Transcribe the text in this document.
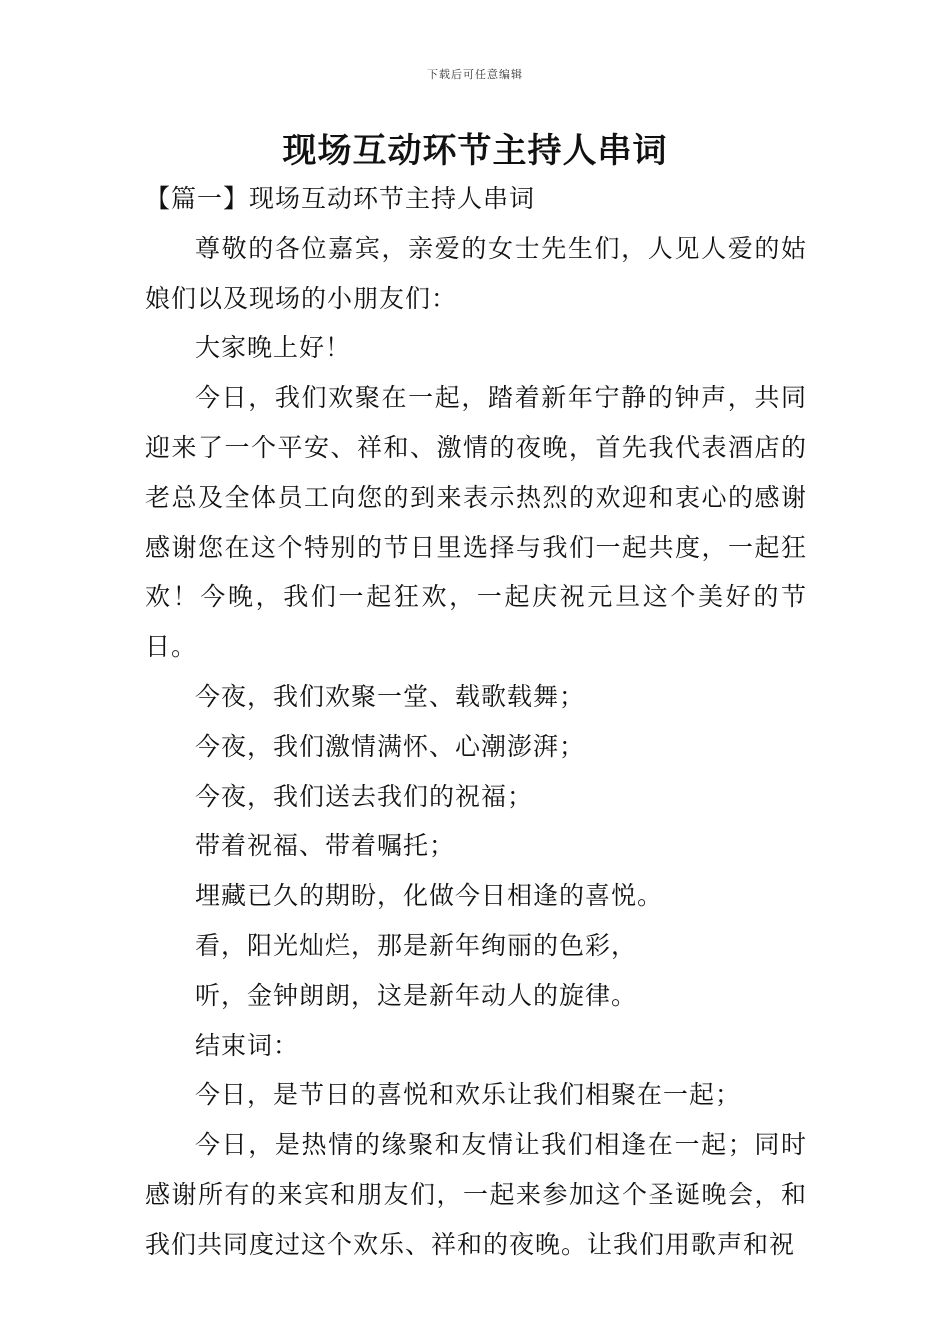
下载后可任意编辑
现场互动环节主持人串词

【篇一】现场互动环节主持人串词

尊敬的各位嘉宾，亲爱的女士先生们，人见人爱的姑娘们以及现场的小朋友们：

大家晚上好！

今日，我们欢聚在一起，踏着新年宁静的钟声，共同迎来了一个平安、祥和、激情的夜晚，首先我代表酒店的老总及全体员工向您的到来表示热烈的欢迎和衷心的感谢感谢您在这个特别的节日里选择与我们一起共度，一起狂欢！今晚，我们一起狂欢，一起庆祝元旦这个美好的节日。

今夜，我们欢聚一堂、载歌载舞；

今夜，我们激情满怀、心潮澎湃；

今夜，我们送去我们的祝福；

带着祝福、带着嘱托；

埋藏已久的期盼，化做今日相逢的喜悦。

看，阳光灿烂，那是新年绚丽的色彩，

听，金钟朗朗，这是新年动人的旋律。

结束词：

今日，是节日的喜悦和欢乐让我们相聚在一起；

今日，是热情的缘聚和友情让我们相逢在一起；同时感谢所有的来宾和朋友们，一起来参加这个圣诞晚会，和我们共同度过这个欢乐、祥和的夜晚。让我们用歌声和祝
